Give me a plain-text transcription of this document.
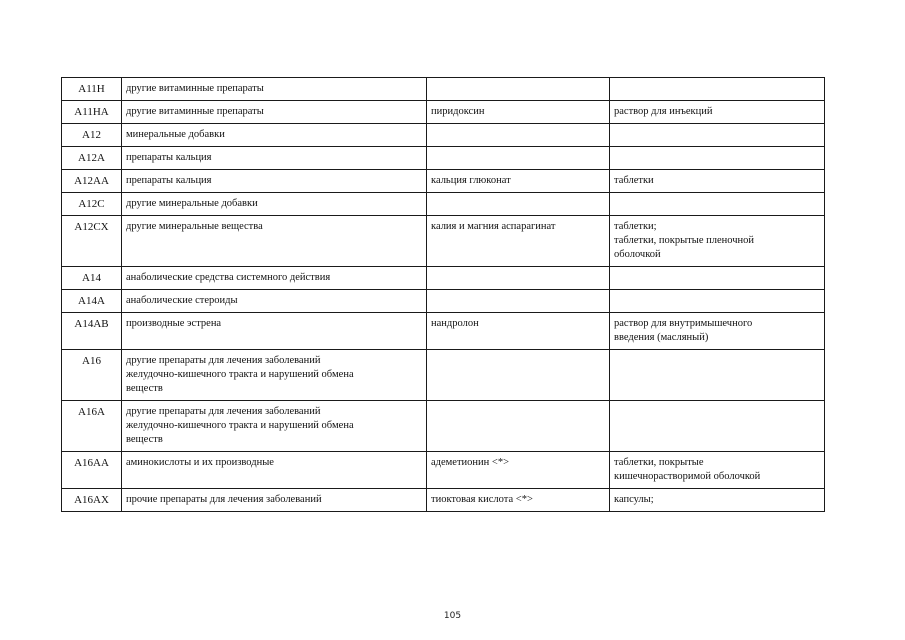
A11H	другие витаминные препараты		
A11HA	другие витаминные препараты	пиридоксин	раствор для инъекций
A12	минеральные добавки		
A12A	препараты кальция		
A12AA	препараты кальция	кальция глюконат	таблетки
A12C	другие минеральные добавки		
A12CX	другие минеральные вещества	калия и магния аспарагинат	таблетки;
таблетки, покрытые пленочной
оболочкой
A14	анаболические средства системного действия		
A14A	анаболические стероиды		
A14AB	производные эстрена	нандролон	раствор для внутримышечного
введения (масляный)
A16	другие препараты для лечения заболеваний
желудочно-кишечного тракта и нарушений обмена
веществ		
A16A	другие препараты для лечения заболеваний
желудочно-кишечного тракта и нарушений обмена
веществ		
A16AA	аминокислоты и их производные	адеметионин <*>	таблетки, покрытые
кишечнорастворимой оболочкой
A16AX	прочие препараты для лечения заболеваний	тиоктовая кислота <*>	капсулы;
105
